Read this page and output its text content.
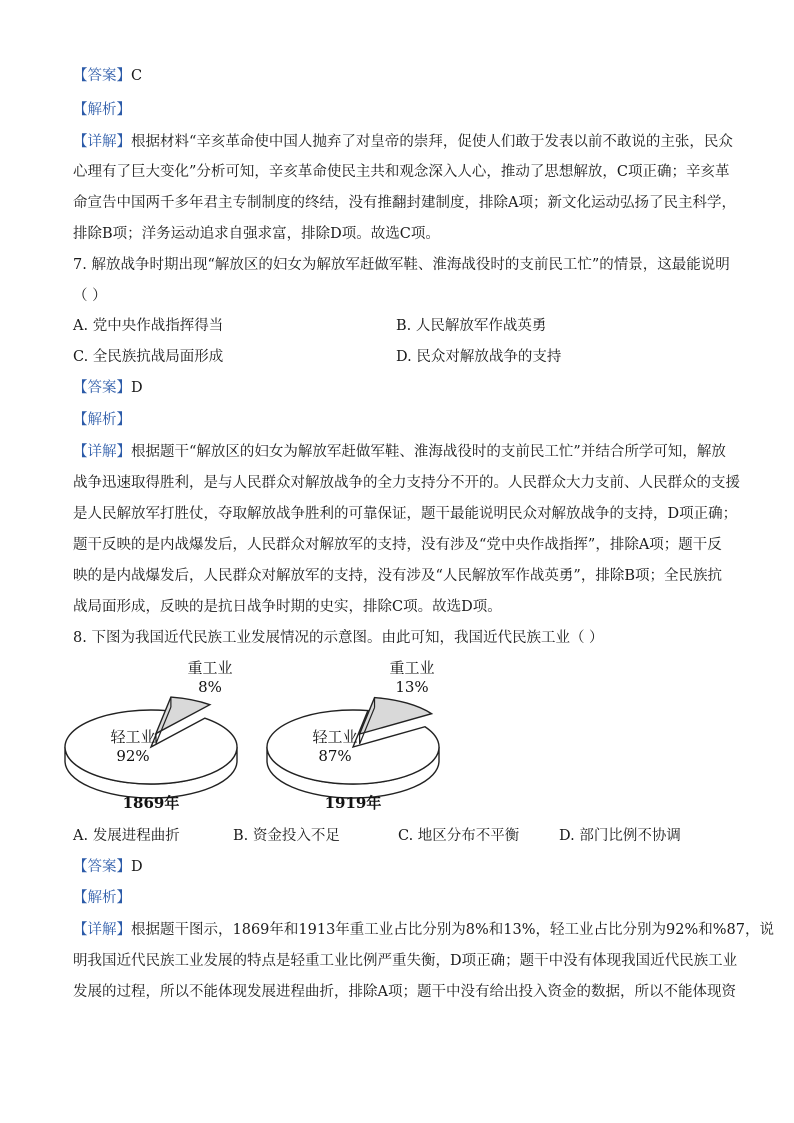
【答案】C
【解析】
【详解】根据材料“辛亥革命使中国人抛弃了对皇帝的崇拜，促使人们敢于发表以前不敢说的主张，民众
心理有了巨大变化”分析可知，辛亥革命使民主共和观念深入人心，推动了思想解放，C项正确；辛亥革
命宣告中国两千多年君主专制制度的终结，没有推翻封建制度，排除A项；新文化运动弘扬了民主科学，
排除B项；洋务运动追求自强求富，排除D项。故选C项。
7. 解放战争时期出现“解放区的妇女为解放军赶做军鞋、淮海战役时的支前民工忙”的情景，这最能说明
（ ）
A. 党中央作战指挥得当	B. 人民解放军作战英勇
C. 全民族抗战局面形成	D. 民众对解放战争的支持
【答案】D
【解析】
【详解】根据题干“解放区的妇女为解放军赶做军鞋、淮海战役时的支前民工忙”并结合所学可知，解放
战争迅速取得胜利，是与人民群众对解放战争的全力支持分不开的。人民群众大力支前、人民群众的支援
是人民解放军打胜仗，夺取解放战争胜利的可靠保证，题干最能说明民众对解放战争的支持，D项正确；
题干反映的是内战爆发后，人民群众对解放军的支持，没有涉及“党中央作战指挥”，排除A项；题干反
映的是内战爆发后，人民群众对解放军的支持，没有涉及“人民解放军作战英勇”，排除B项；全民族抗
战局面形成，反映的是抗日战争时期的史实，排除C项。故选D项。
8. 下图为我国近代民族工业发展情况的示意图。由此可知，我国近代民族工业（ ）
轻工业
92%
重工业
8%
1869年
轻工业
87%
重工业
13%
1919年
A. 发展进程曲折	B. 资金投入不足	C. 地区分布不平衡	D. 部门比例不协调
【答案】D
【解析】
【详解】根据题干图示，1869年和1913年重工业占比分别为8%和13%，轻工业占比分别为92%和%87，说
明我国近代民族工业发展的特点是轻重工业比例严重失衡，D项正确；题干中没有体现我国近代民族工业
发展的过程，所以不能体现发展进程曲折，排除A项；题干中没有给出投入资金的数据，所以不能体现资
